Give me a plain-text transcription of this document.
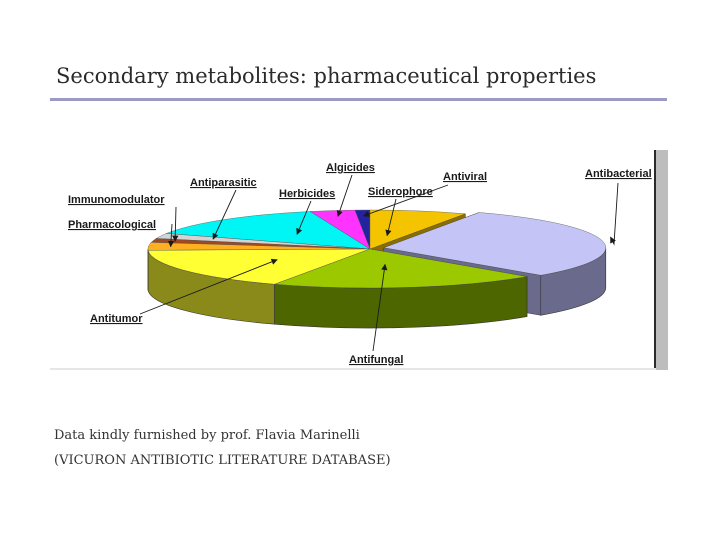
Secondary metabolites: pharmaceutical properties
Algicides
Antiviral
Antiparasitic
Siderophore
Herbicides
Antibacterial
Immunomodulator
Pharmacological
Antitumor
Antifungal
Data kindly furnished by prof. Flavia Marinelli
(VICURON ANTIBIOTIC LITERATURE DATABASE)
